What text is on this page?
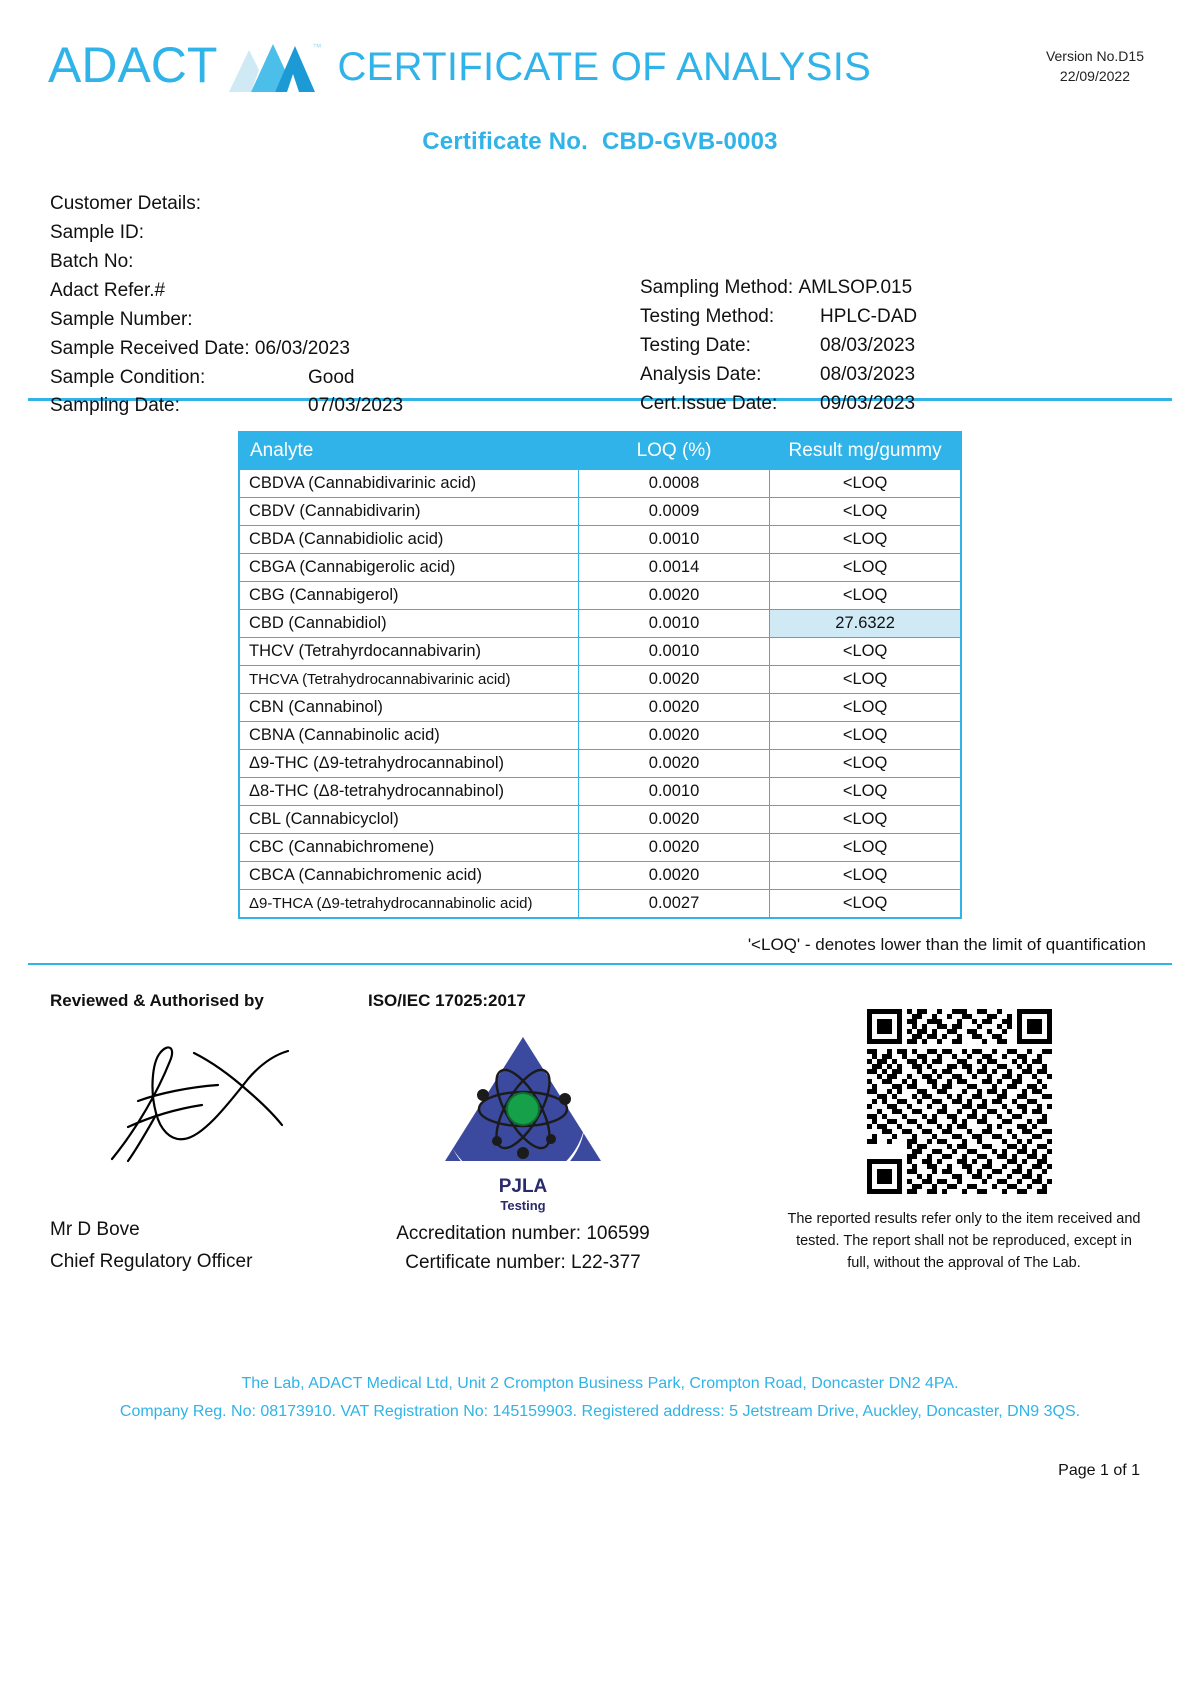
ADACT	™ CERTIFICATE OF ANALYSIS	Version No.D15
22/09/2022
Certificate No. CBD-GVB-0003
Customer Details:
Sample ID:
Batch No:
Adact Refer.#
Sample Number:
Sample Received Date:
06/03/2023
Sample Condition:	Good
Sampling Date:	07/03/2023
Sampling Method:
AMLSOP.015
Testing Method:	HPLC-DAD
Testing Date:	08/03/2023
Analysis Date:	08/03/2023
Cert.Issue Date:	09/03/2023
Analyte	LOQ (%)	Result mg/gummy
CBDVA (Cannabidivarinic acid)	0.0008	<LOQ
CBDV (Cannabidivarin)	0.0009	<LOQ
CBDA (Cannabidiolic acid)	0.0010	<LOQ
CBGA (Cannabigerolic acid)	0.0014	<LOQ
CBG (Cannabigerol)	0.0020	<LOQ
CBD (Cannabidiol)	0.0010	27.6322
THCV (Tetrahyrdocannabivarin)	0.0010	<LOQ
THCVA (Tetrahydrocannabivarinic acid)	0.0020	<LOQ
CBN (Cannabinol)	0.0020	<LOQ
CBNA (Cannabinolic acid)	0.0020	<LOQ
Δ9-THC (Δ9-tetrahydrocannabinol)	0.0020	<LOQ
Δ8-THC (Δ8-tetrahydrocannabinol)	0.0010	<LOQ
CBL (Cannabicyclol)	0.0020	<LOQ
CBC (Cannabichromene)	0.0020	<LOQ
CBCA (Cannabichromenic acid)	0.0020	<LOQ
Δ9-THCA (Δ9-tetrahydrocannabinolic acid)	0.0027	<LOQ
'<LOQ' - denotes lower than the limit of quantification
Reviewed & Authorised by	ISO/IEC 17025:2017
Mr D Bove
Chief Regulatory Officer
PJLA
Testing
Accreditation number: 106599
Certificate number: L22-377
The reported results refer only to the item received and tested. The report shall not be reproduced, except in full, without the approval of The Lab.
The Lab, ADACT Medical Ltd, Unit 2 Crompton Business Park, Crompton Road, Doncaster DN2 4PA.
Company Reg. No: 08173910. VAT Registration No: 145159903. Registered address: 5 Jetstream Drive, Auckley, Doncaster, DN9 3QS.
Page 1 of 1
